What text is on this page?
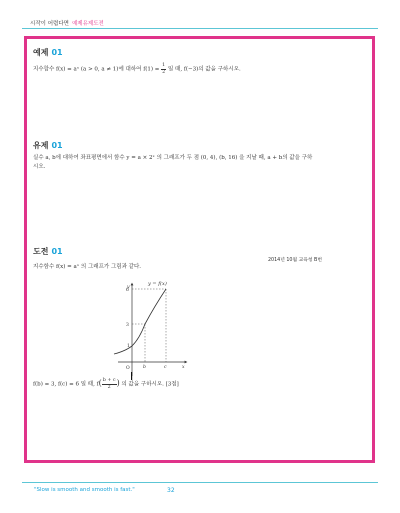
시작이 어렵다면 예제유제도전
예제 01
지수함수 f(x) = aˣ (a > 0, a ≠ 1)에 대하여 $f(1) = \frac{1}{2}$ 일 때, f(−3)의 값을 구하시오.
유제 01
실수 a, b에 대하여 좌표평면에서 함수 y = a × 2ˣ 의 그래프가 두 점 (0, 4), (b, 16) 을 지날 때, a + b의 값을 구하시오.
도전 01
2014년 10월 교육청 B번
지수함수 f(x) = aˣ 의 그래프가 그림과 같다.
y = f(x)
y
6
3
1
O	b	c	x
f(b) = 3, f(c) = 6 일 때, $f( \frac{b + c}{2}$ ) 의 값을 구하시오. [3점]
"Slow is smooth and smooth is fast."	32
